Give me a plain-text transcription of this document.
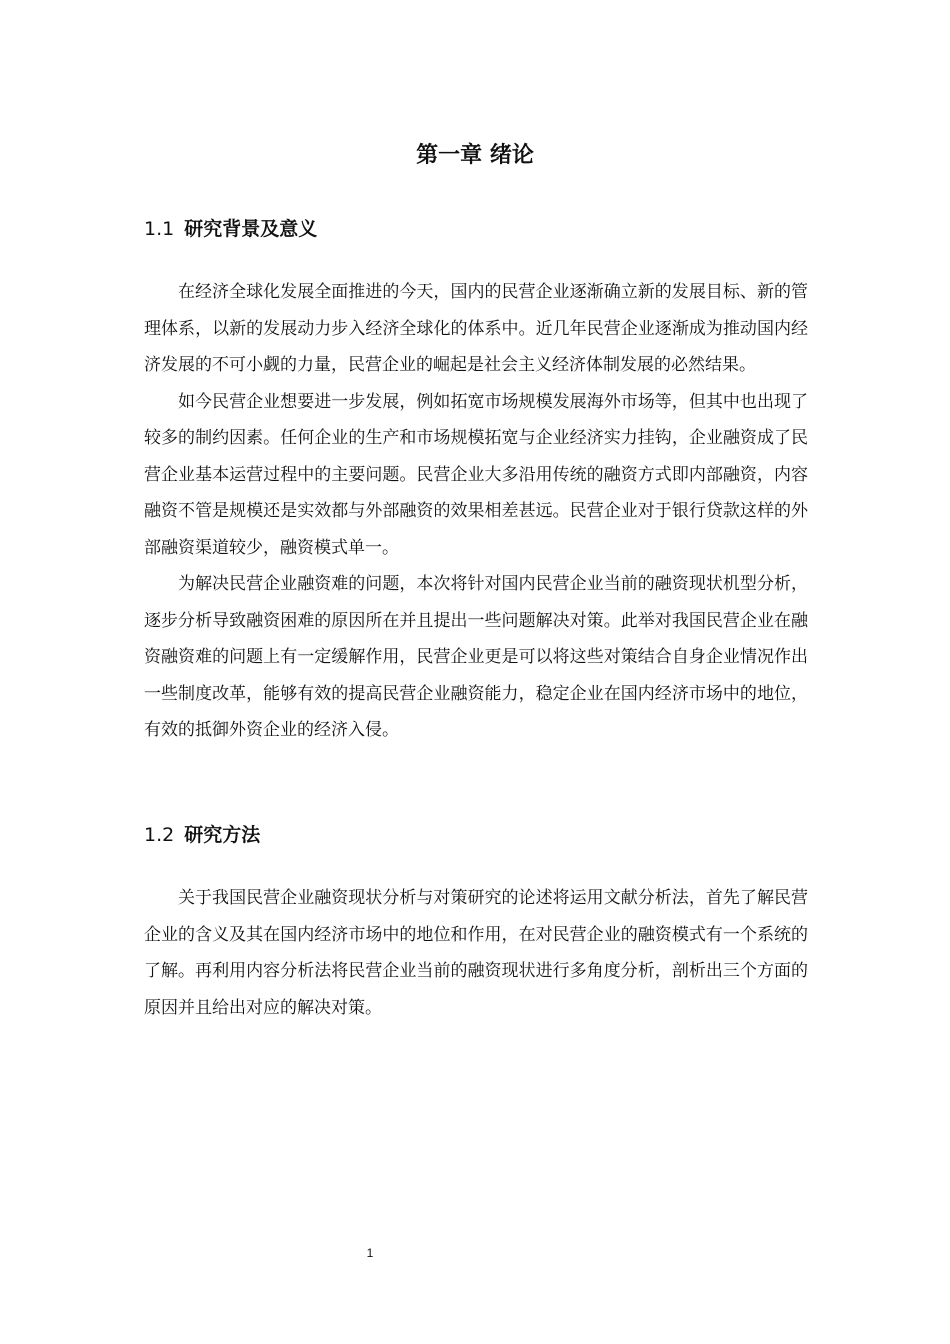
第一章 绪论
1.1 研究背景及意义

在经济全球化发展全面推进的今天，国内的民营企业逐渐确立新的发展目标、新的管理体系，以新的发展动力步入经济全球化的体系中。近几年民营企业逐渐成为推动国内经济发展的不可小觑的力量，民营企业的崛起是社会主义经济体制发展的必然结果。

如今民营企业想要进一步发展，例如拓宽市场规模发展海外市场等，但其中也出现了较多的制约因素。任何企业的生产和市场规模拓宽与企业经济实力挂钩，企业融资成了民营企业基本运营过程中的主要问题。民营企业大多沿用传统的融资方式即内部融资，内容融资不管是规模还是实效都与外部融资的效果相差甚远。民营企业对于银行贷款这样的外部融资渠道较少，融资模式单一。

为解决民营企业融资难的问题，本次将针对国内民营企业当前的融资现状机型分析，逐步分析导致融资困难的原因所在并且提出一些问题解决对策。此举对我国民营企业在融资融资难的问题上有一定缓解作用，民营企业更是可以将这些对策结合自身企业情况作出一些制度改革，能够有效的提高民营企业融资能力，稳定企业在国内经济市场中的地位，有效的抵御外资企业的经济入侵。

1.2 研究方法

关于我国民营企业融资现状分析与对策研究的论述将运用文献分析法，首先了解民营企业的含义及其在国内经济市场中的地位和作用，在对民营企业的融资模式有一个系统的了解。再利用内容分析法将民营企业当前的融资现状进行多角度分析，剖析出三个方面的原因并且给出对应的解决对策。

1
